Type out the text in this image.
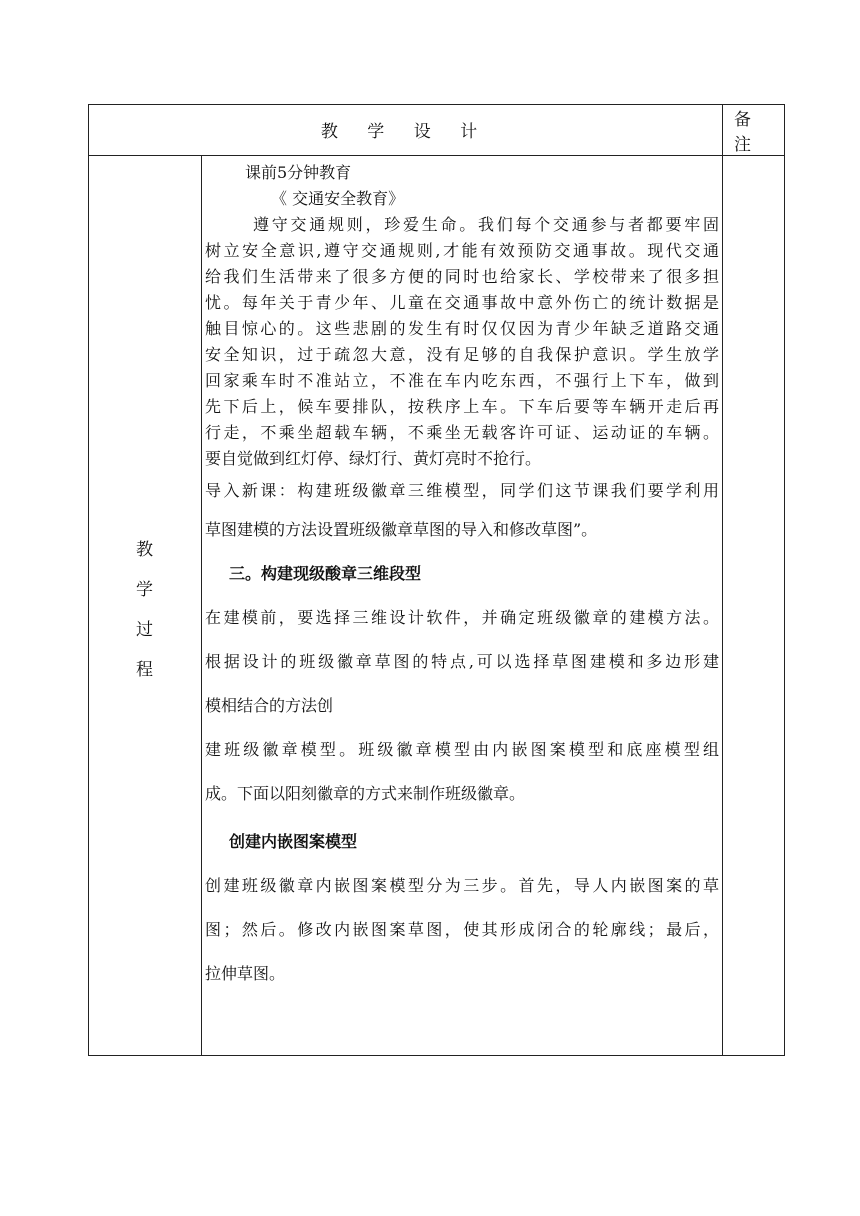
教 学 设 计
备 注
教
学
过
程
课前5分钟教育
《 交通安全教育》
遵守交通规则，珍爱生命。我们每个交通参与者都要牢固
树立安全意识,遵守交通规则,才能有效预防交通事故。现代交通
给我们生活带来了很多方便的同时也给家长、学校带来了很多担
忧。每年关于青少年、儿童在交通事故中意外伤亡的统计数据是
触目惊心的。这些悲剧的发生有时仅仅因为青少年缺乏道路交通
安全知识，过于疏忽大意，没有足够的自我保护意识。学生放学
回家乘车时不准站立，不准在车内吃东西，不强行上下车，做到
先下后上，候车要排队，按秩序上车。下车后要等车辆开走后再
行走，不乘坐超载车辆，不乘坐无载客许可证、运动证的车辆。
要自觉做到红灯停、绿灯行、黄灯亮时不抢行。
导入新课：构建班级徽章三维模型，同学们这节课我们要学利用
草图建模的方法设置班级徽章草图的导入和修改草图”。
三。构建现级酸章三维段型
在建模前，要选择三维设计软件，并确定班级徽章的建模方法。
根据设计的班级徽章草图的特点,可以选择草图建模和多边形建
模相结合的方法创
建班级徽章模型。班级徽章模型由内嵌图案模型和底座模型组
成。下面以阳刻徽章的方式来制作班级徽章。
创建内嵌图案模型
创建班级徽章内嵌图案模型分为三步。首先，导人内嵌图案的草
图；然后。修改内嵌图案草图，使其形成闭合的轮廓线；最后，
拉伸草图。
